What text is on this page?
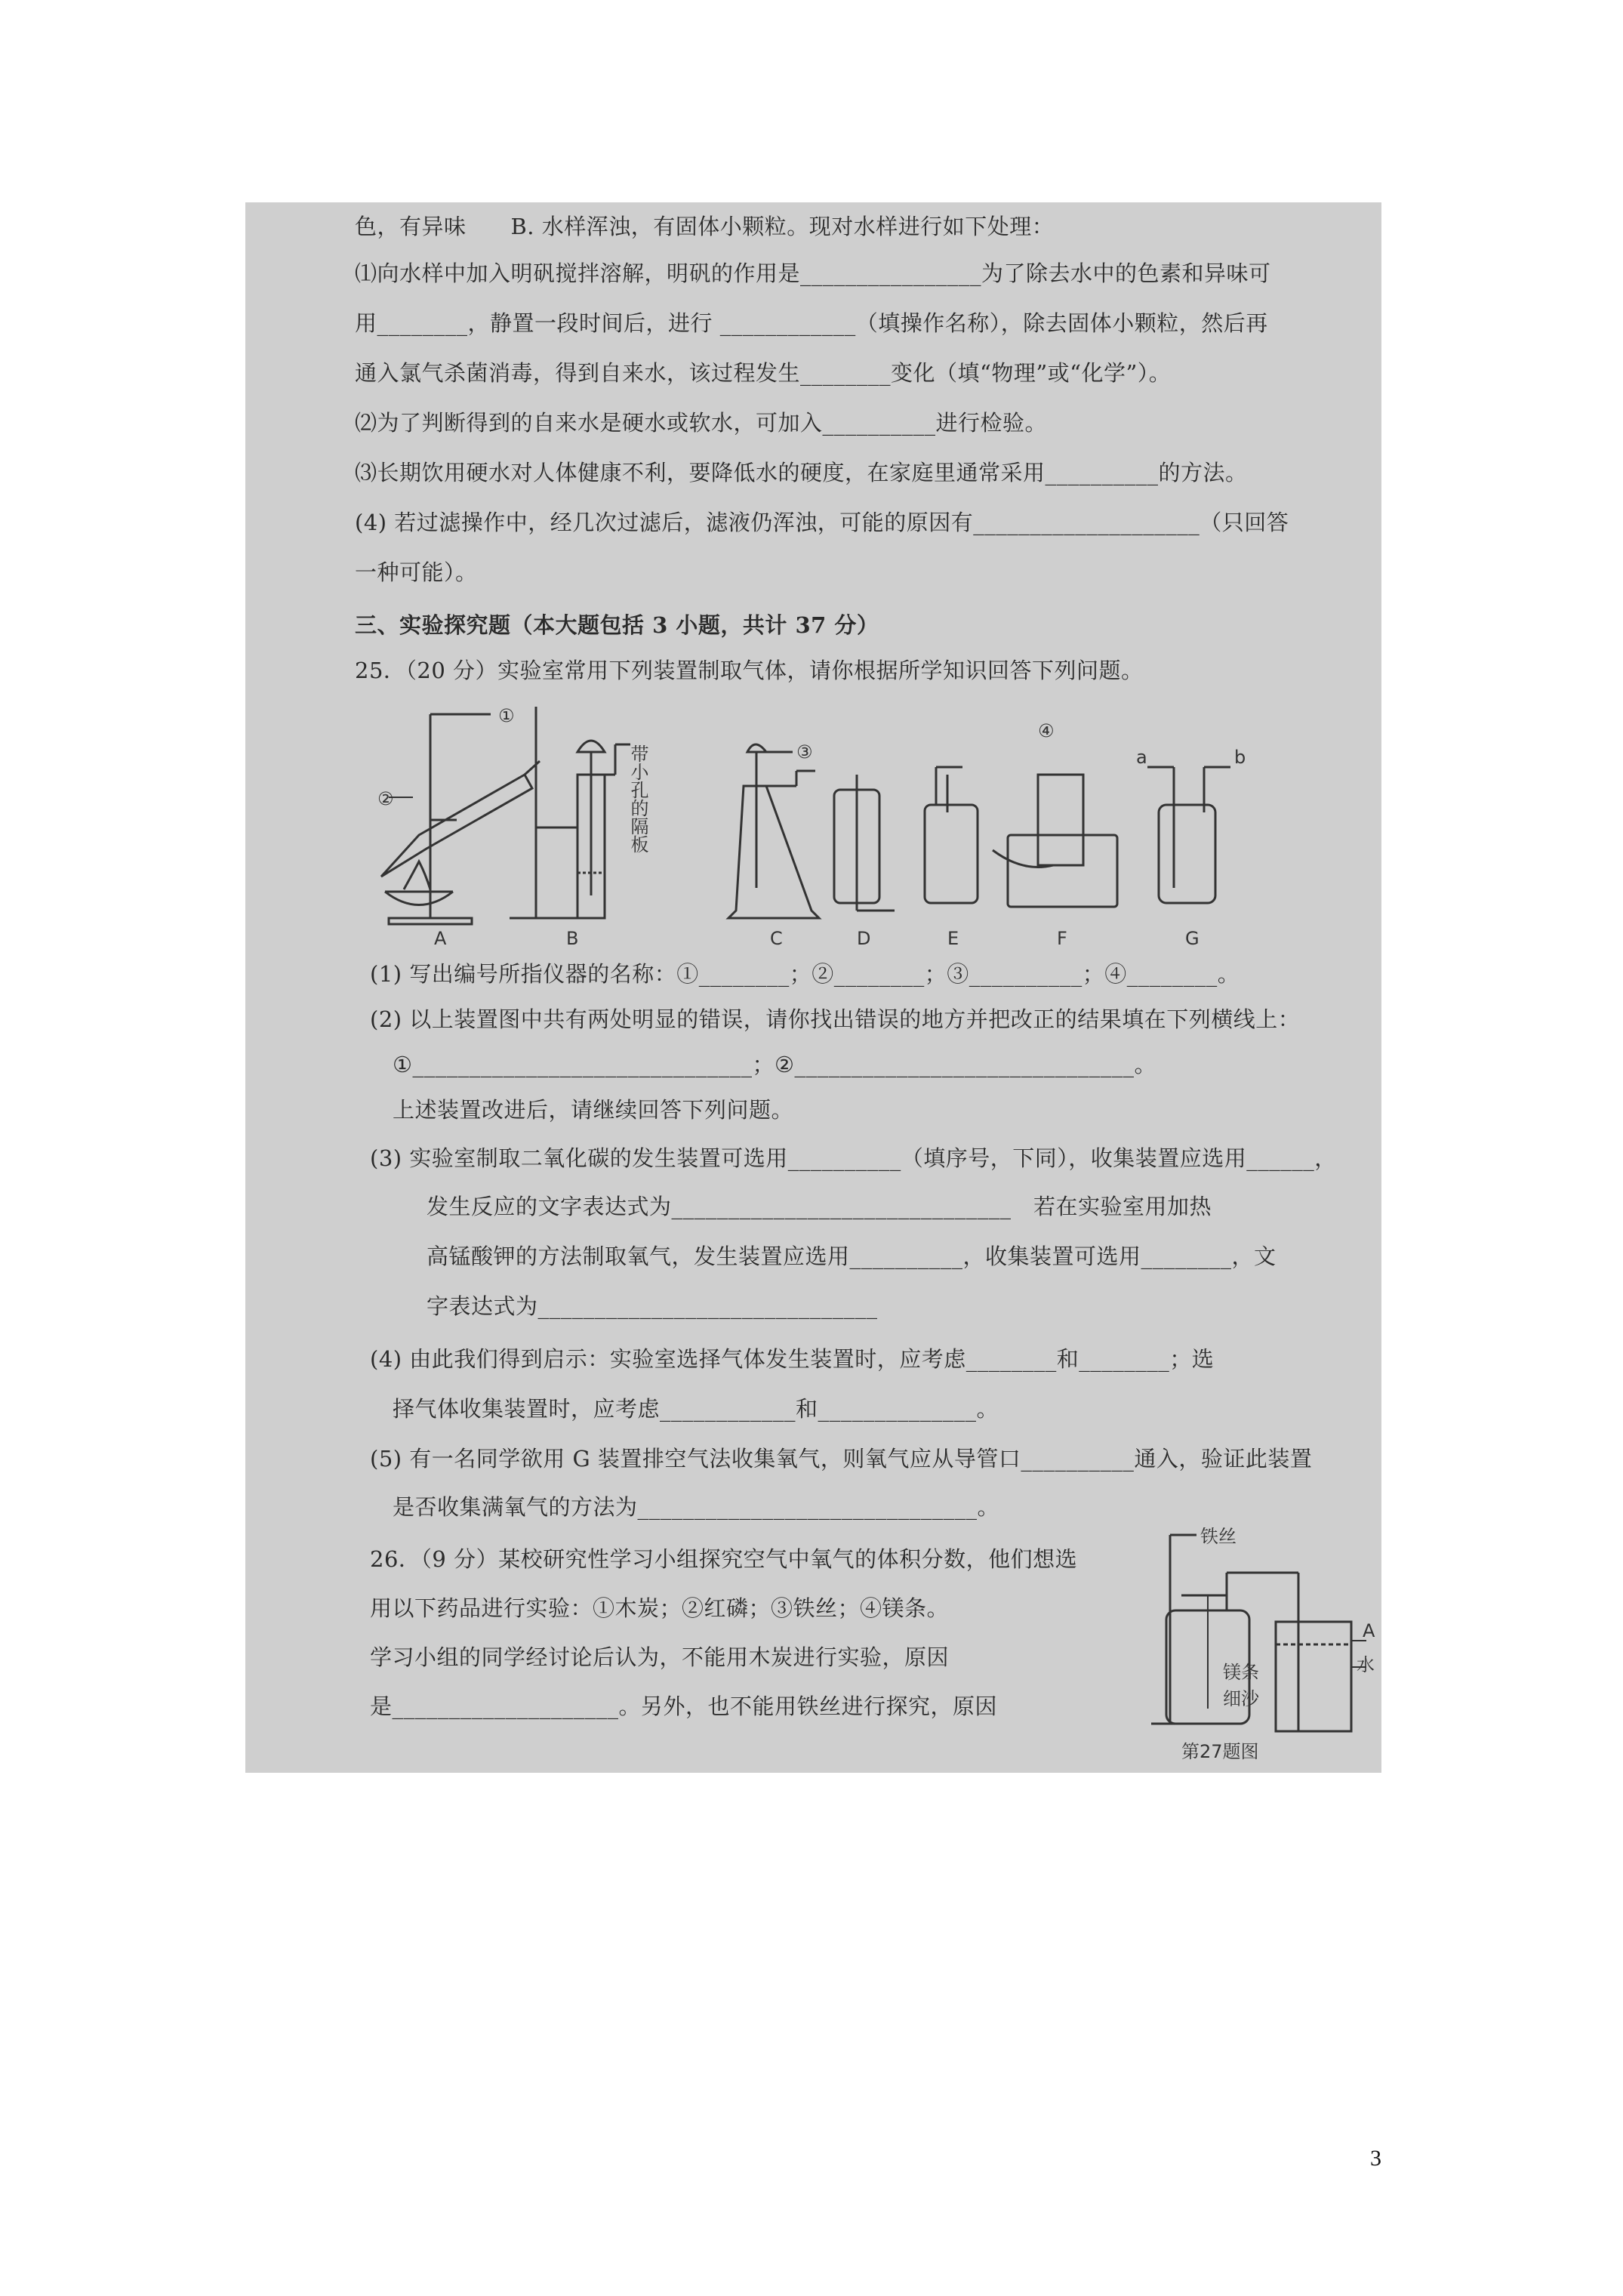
色，有异味　　B. 水样浑浊，有固体小颗粒。现对水样进行如下处理：
⑴向水样中加入明矾搅拌溶解，明矾的作用是________________为了除去水中的色素和异味可
用________，静置一段时间后，进行 ____________（填操作名称），除去固体小颗粒，然后再
通入氯气杀菌消毒，得到自来水，该过程发生________变化（填“物理”或“化学”）。
⑵为了判断得到的自来水是硬水或软水，可加入__________进行检验。
⑶长期饮用硬水对人体健康不利，要降低水的硬度，在家庭里通常采用__________的方法。
(4) 若过滤操作中，经几次过滤后，滤液仍浑浊，可能的原因有____________________（只回答
一种可能）。
三、实验探究题（本大题包括 3 小题，共计 37 分）
25．（20 分）实验室常用下列装置制取气体，请你根据所学知识回答下列问题。
②
①
带小孔的隔板	③
④
a	b
A	B	C	D	E	F	G
(1) 写出编号所指仪器的名称：①________；②________；③__________；④________。
(2) 以上装置图中共有两处明显的错误，请你找出错误的地方并把改正的结果填在下列横线上：
①______________________________；②______________________________。
上述装置改进后，请继续回答下列问题。
(3) 实验室制取二氧化碳的发生装置可选用__________（填序号，下同），收集装置应选用______，
发生反应的文字表达式为______________________________　若在实验室用加热
高锰酸钾的方法制取氧气，发生装置应选用__________，收集装置可选用________，文
字表达式为______________________________
(4) 由此我们得到启示：实验室选择气体发生装置时，应考虑________和________；选
择气体收集装置时，应考虑____________和______________。
(5) 有一名同学欲用 G 装置排空气法收集氧气，则氧气应从导管口__________通入，验证此装置
是否收集满氧气的方法为______________________________。
26．（9 分）某校研究性学习小组探究空气中氧气的体积分数，他们想选
用以下药品进行实验：①木炭；②红磷；③铁丝；④镁条。
学习小组的同学经讨论后认为，不能用木炭进行实验，原因
是____________________。另外，也不能用铁丝进行探究，原因
铁丝
镁条
细沙
A
水
第27题图
3
